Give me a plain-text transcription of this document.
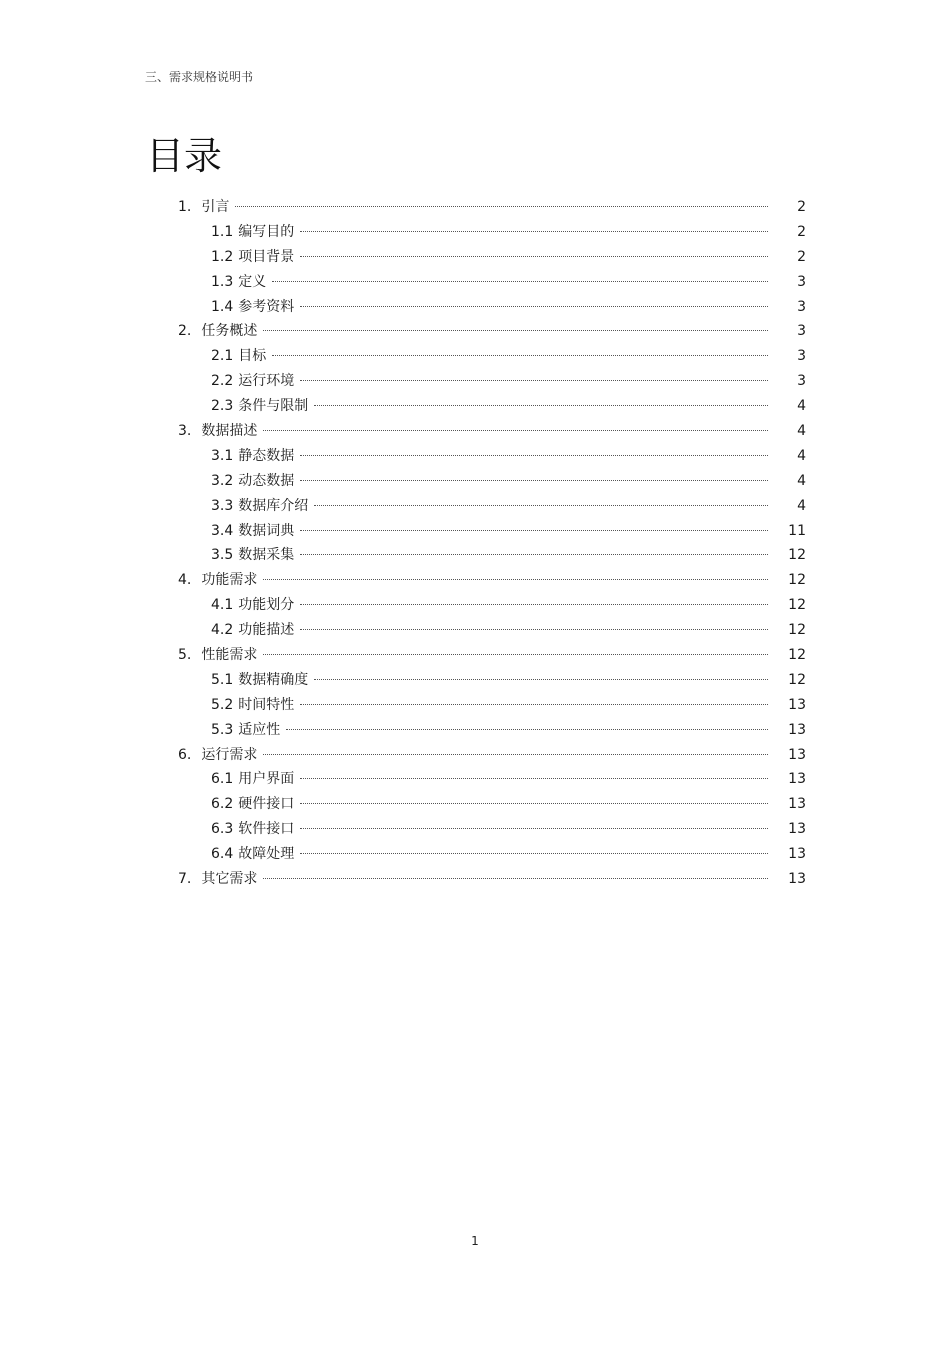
三、需求规格说明书
目录
1. 引言	2
1.1 编写目的	2
1.2 项目背景	2
1.3 定义	3
1.4 参考资料	3
2. 任务概述	3
2.1 目标	3
2.2 运行环境	3
2.3 条件与限制	4
3. 数据描述	4
3.1 静态数据	4
3.2 动态数据	4
3.3 数据库介绍	4
3.4 数据词典	11
3.5 数据采集	12
4. 功能需求	12
4.1 功能划分	12
4.2 功能描述	12
5. 性能需求	12
5.1 数据精确度	12
5.2 时间特性	13
5.3 适应性	13
6. 运行需求	13
6.1 用户界面	13
6.2 硬件接口	13
6.3 软件接口	13
6.4 故障处理	13
7. 其它需求	13
1
